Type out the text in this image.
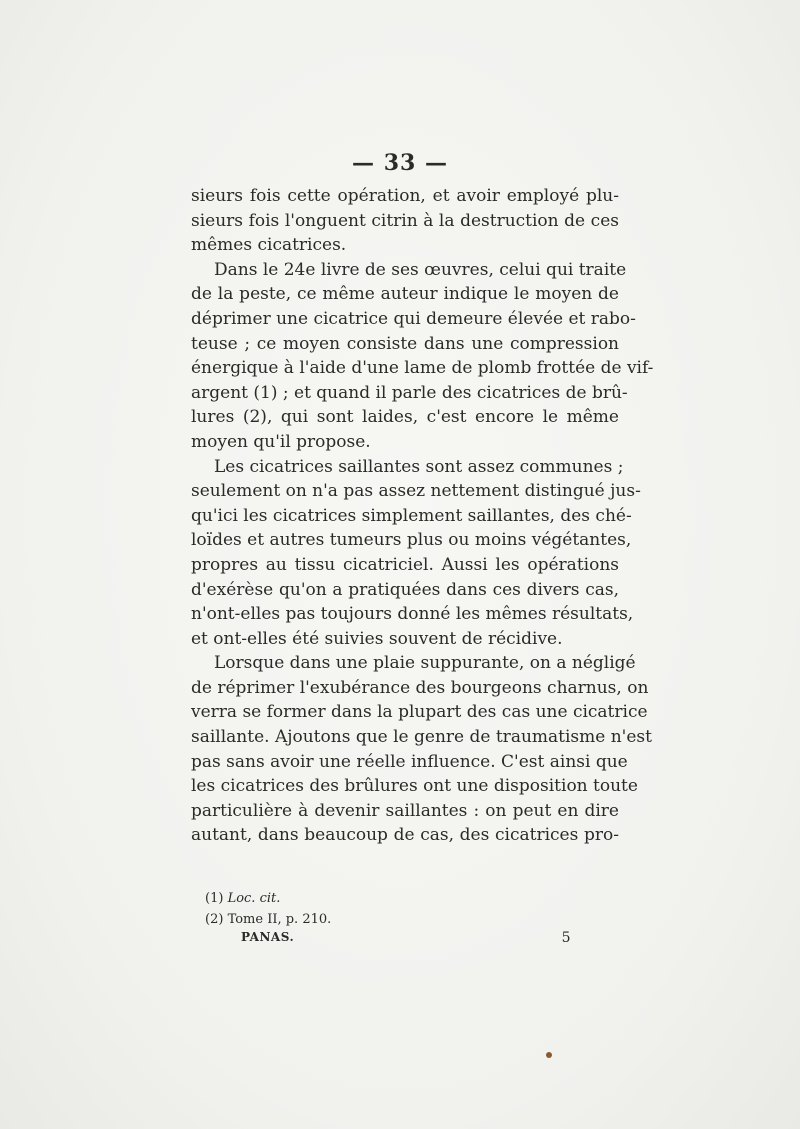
— 33 —
sieurs fois cette opération, et avoir employé plu-
sieurs fois l'onguent citrin à la destruction de ces
mêmes cicatrices.
Dans le 24e livre de ses œuvres, celui qui traite
de la peste, ce même auteur indique le moyen de
déprimer une cicatrice qui demeure élevée et rabo-
teuse ; ce moyen consiste dans une compression
énergique à l'aide d'une lame de plomb frottée de vif-
argent (1) ; et quand il parle des cicatrices de brû-
lures (2), qui sont laides, c'est encore le même
moyen qu'il propose.
Les cicatrices saillantes sont assez communes ;
seulement on n'a pas assez nettement distingué jus-
qu'ici les cicatrices simplement saillantes, des ché-
loïdes et autres tumeurs plus ou moins végétantes,
propres au tissu cicatriciel. Aussi les opérations
d'exérèse qu'on a pratiquées dans ces divers cas,
n'ont-elles pas toujours donné les mêmes résultats,
et ont-elles été suivies souvent de récidive.
Lorsque dans une plaie suppurante, on a négligé
de réprimer l'exubérance des bourgeons charnus, on
verra se former dans la plupart des cas une cicatrice
saillante. Ajoutons que le genre de traumatisme n'est
pas sans avoir une réelle influence. C'est ainsi que
les cicatrices des brûlures ont une disposition toute
particulière à devenir saillantes : on peut en dire
autant, dans beaucoup de cas, des cicatrices pro-
(1) Loc. cit.
(2) Tome II, p. 210.
PANAS.	5
